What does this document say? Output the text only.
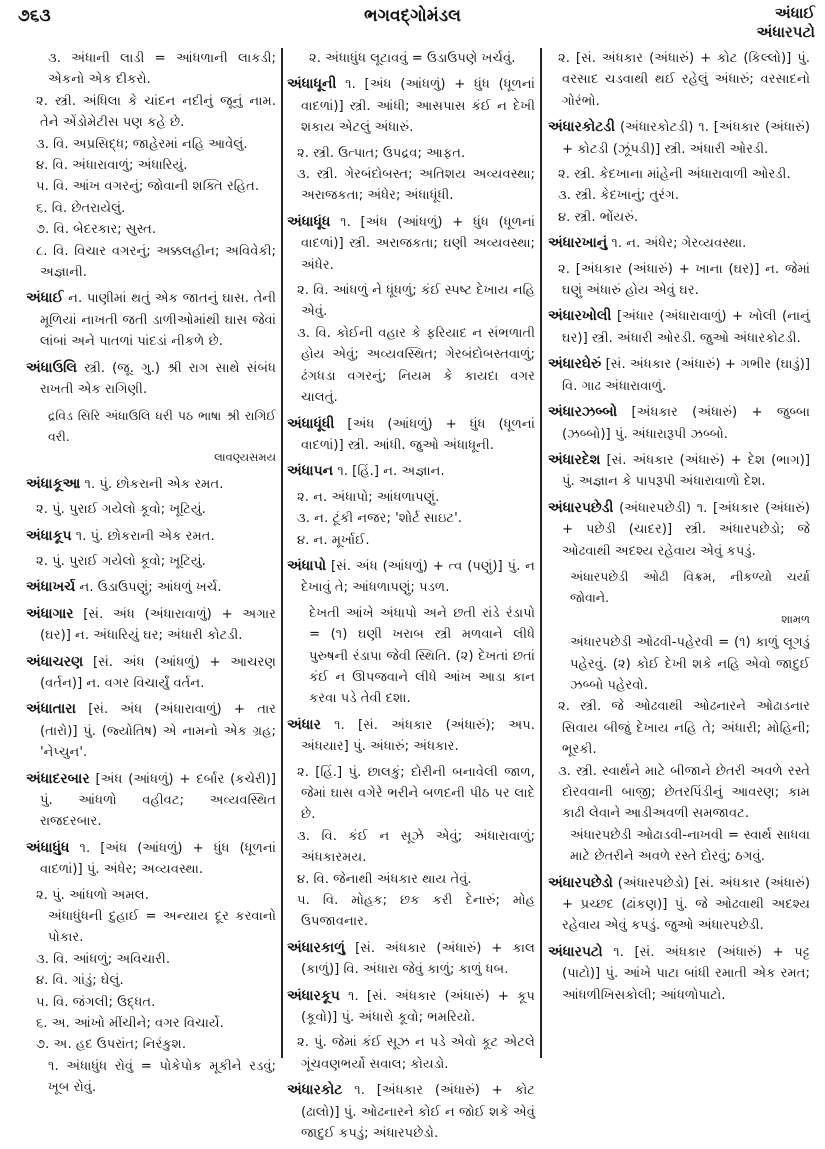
૭૬૩	ભગવદ્ગોમંડલ	અંધાઈ
અંધારપટો

૩. અંધાની લાડી = આંધળાની લાકડી; એકનો એક દીકરો.

૨. સ્ત્રી. અંધિલા કે ચાંદન નદીનું જૂનું નામ. તેને એંડોમેટીસ પણ કહે છે.

૩. વિ. અપ્રસિદ્ધ; જાહેરમાં નહિ આવેલું.

૪. વિ. અંધારાવાળું; અંધારિયું.

૫. વિ. આંખ વગરનું; જોવાની શક્તિ રહિત.

૬. વિ. છેતરાયેલું.

૭. વિ. બેદરકાર; સુસ્ત.

૮. વિ. વિચાર વગરનું; અક્કલહીન; અવિવેકી; અજ્ઞાની.

અંધાઈ ન. પાણીમાં થતું એક જાતનું ઘાસ. તેની મૂળિયાં નાખતી જતી ડાળીઓમાંથી ઘાસ જેવાં લાંબાં અને પાતળાં પાંદડાં નીકળે છે.

અંધાઉલિ સ્ત્રી. (જૂ. ગુ.) શ્રી રાગ સાથે સંબંધ રાખતી એક રાગિણી.

દ્રવિડ સિરિ અંધાઉલિ ધરી પઠ ભાષા શ્રી રાગિઈ વરી.
લાવણ્યસમય

અંધાકૂઆ ૧. પું. છોકરાની એક રમત.

૨. પું. પુરાઈ ગયેલો કૂવો; ખૂટિયું.

અંધાકૂપ ૧. પું. છોકરાની એક રમત.

૨. પું. પુરાઈ ગયેલો કૂવો; ખૂટિયું.

અંધાખર્ચ ન. ઉડાઉપણું; આંધળું ખર્ચ.

અંધાગાર [સં. અંધ (અંધારાવાળું) + અગાર (ઘર)] ન. અંધારિયું ઘર; અંધારી કોટડી.

અંધાચરણ [સં. અંધ (આંધળું) + આચરણ (વર્તન)] ન. વગર વિચાર્યું વર્તન.

અંધાતારા [સં. અંધ (અંધારાવાળું) + તાર (તારો)] પું. (જ્યોતિષ) એ નામનો એક ગ્રહ; 'નેપ્ચુન'.

અંધાદરબાર [અંધ (આંધળું) + દર્બાર (કચેરી)] પું. આંધળો વહીવટ; અવ્યવસ્થિત રાજદરબાર.

અંધાધુંધ ૧. [અંધ (આંધળું) + ધુંધ (ધૂળનાં વાદળાં)] પું. અંધેર; અવ્યવસ્થા.

૨. પું. આંધળો અમલ.

અંધાધુંધની દુહાઈ = અન્યાય દૂર કરવાનો પોકાર.

૩. વિ. આંધળું; અવિચારી.

૪. વિ. ગાંડું; ઘેલું.

૫. વિ. જંગલી; ઉદ્ધત.

૬. અ. આંખો મીંચીને; વગર વિચાર્યે.

૭. અ. હદ ઉપરાંત; નિરંકુશ.

૧. અંધાધુંધ રોવું = પોકેપોક મૂકીને રડવું; ખૂબ રોવું.

૨. અંધાધુંધ લૂટાવવું = ઉડાઉપણે ખર્ચવું.

અંધાધૂની ૧. [અંધ (આંધળું) + ધુંધ (ધૂળનાં વાદળાં)] સ્ત્રી. આંધી; આસપાસ કંઈ ન દેખી શકાય એટલું અંધારું.

૨. સ્ત્રી. ઉત્પાત; ઉપદ્રવ; આફત.

૩. સ્ત્રી. ગેરબંદોબસ્ત; અતિશય અવ્યવસ્થા; અરાજકતા; અંધેર; અંધાધૂંધી.

અંધાધૂંધ ૧. [અંધ (આંધળું) + ધુંધ (ધૂળનાં વાદળાં)] સ્ત્રી. અરાજકતા; ઘણી અવ્યવસ્થા; અંધેર.

૨. વિ. આંધળું ને ધૂંધળું; કંઈ સ્પષ્ટ દેખાય નહિ એવું.

૩. વિ. કોઈની વહાર કે ફરિયાદ ન સંભળાતી હોય એવું; અવ્યવસ્થિત; ગેરબંદોબસ્તવાળું; ઢંગધડા વગરનું; નિયમ કે કાયદા વગર ચાલતું.

અંધાધૂંધી [અંધ (આંધળું) + ધુંધ (ધૂળનાં વાદળાં)] સ્ત્રી. આંધી. જુઓ અંધાધૂની.

અંધાપન ૧. [હિં.] ન. અજ્ઞાન.

૨. ન. અંધાપો; આંધળાપણું.

૩. ન. ટૂંકી નજર; 'શોર્ટ સાઇટ'.

૪. ન. મૂર્ખાઈ.

અંધાપો [સં. અંધ (આંધળું) + ત્વ (પણું)] પું. ન દેખાવું તે; આંધળાપણું; પડળ.

દેખતી આંખે અંધાપો અને છતી રાંડે રંડાપો = (૧) ઘણી ખરાબ સ્ત્રી મળવાને લીધે પુરુષની રંડાપા જેવી સ્થિતિ. (૨) દેખતાં છતાં કંઈ ન ઊપજવાને લીધે આંખ આડા કાન કરવા પડે તેવી દશા.

અંધાર ૧. [સં. અંધકાર (અંધારું); અપ. અંધયાર] પું. અંધારું; અંધકાર.

૨. [હિં.] પું. છાલકું; દોરીની બનાવેલી જાળ, જેમાં ઘાસ વગેરે ભરીને બળદની પીઠ પર લાદે છે.

૩. વિ. કંઈ ન સૂઝે એવું; અંધારાવાળું; અંધકારમય.

૪. વિ. જેનાથી અંધકાર થાય તેવું.

૫. વિ. મોહક; છક કરી દેનારું; મોહ ઉપજાવનાર.

અંધારકાળું [સં. અંધકાર (અંધારું) + કાલ (કાળું)] વિ. અંધારા જેવું કાળું; કાળું ધબ.

અંધારકૂપ ૧. [સં. અંધકાર (અંધારું) + કૂપ (કૂવો)] પું. અંધારો કૂવો; ભમરિયો.

૨. પું. જેમાં કંઈ સૂઝ ન પડે એવો કૂટ એટલે ગૂંચવણભર્યો સવાલ; કોયડો.

અંધારકોટ ૧. [અંધકાર (અંધારું) + કોટ (ઢાલો)] પું. ઓઢનારને કોઈ ન જોઈ શકે એવું જાદુઈ કપડું; અંધારપછેડો.

૨. [સં. અંધકાર (અંધારું) + કોટ (કિલ્લો)] પું. વરસાદ ચડવાથી થઈ રહેલું અંધારું; વરસાદનો ગોરંભો.

અંધારકોટડી (અંધારકોટડી) ૧. [અંધકાર (અંધારું) + કોટડી (ઝૂંપડી)] સ્ત્રી. અંધારી ઓરડી.

૨. સ્ત્રી. કેદખાના માંહેની અંધારાવાળી ઓરડી.

૩. સ્ત્રી. કેદખાનું; તુરંગ.

૪. સ્ત્રી. ભોંયરું.

અંધારખાનું ૧. ન. અંધેર; ગેરવ્યવસ્થા.

૨. [અંધકાર (અંધારું) + ખાના (ઘર)] ન. જેમાં ઘણું અંધારું હોય એવું ઘર.

અંધારખોલી [અંધાર (અંધારાવાળું) + ખોલી (નાનું ઘર)] સ્ત્રી. અંધારી ઓરડી. જુઓ અંધારકોટડી.

અંધારઘેરું [સં. અંધકાર (અંધારું) + ગભીર (ઘાડું)] વિ. ગાઢ અંધારાવાળું.

અંધારઝબ્બો [અંધકાર (અંધારું) + જુબ્બા (ઝબ્બો)] પું. અંધારારૂપી ઝબ્બો.

અંધારદેશ [સં. અંધકાર (અંધારું) + દેશ (ભાગ)] પું. અજ્ઞાન કે પાપરૂપી અંધારાવાળો દેશ.

અંધારપછેડી (અંધારપછેડી) ૧. [અંધકાર (અંધારું) + પછેડી (ચાદર)] સ્ત્રી. અંધારપછેડો; જે ઓઢવાથી અદશ્ય રહેવાય એવું કપડું.

અંધારપછેડી ઓઢી વિક્રમ, નીકળ્યો ચર્યા જોવાને.
શામળ

અંધારપછેડી ઓઢવી-પહેરવી = (૧) કાળું લૂગડું પહેરવું. (૨) કોઈ દેખી શકે નહિ એવો જાદુઈ ઝબ્બો પહેરવો.

૨. સ્ત્રી. જે ઓઢવાથી ઓઢનારને ઓઢાડનાર સિવાય બીજું દેખાય નહિ તે; અંધારી; મોહિની; ભૂરકી.

૩. સ્ત્રી. સ્વાર્થને માટે બીજાને છેતરી અવળે રસ્તે દોરવવાની બાજી; છેતરપિંડીનું આવરણ; કામ કાઢી લેવાને આડીઅવળી સમજાવટ.

અંધારપછેડી ઓઢાડવી-નાખવી = સ્વાર્થ સાધવા માટે છેતરીને અવળે રસ્તે દોરવું; ઠગવું.

અંધારપછેડો (અંધારપછેડો) [સં. અંધકાર (અંધારું) + પ્રચ્છદ (ઢાંકણ)] પું. જે ઓઢવાથી અદશ્ય રહેવાય એવું કપડું. જુઓ અંધારપછેડી.

અંધારપટો ૧. [સં. અંધકાર (અંધારું) + પટ્ટ (પાટો)] પું. આંખે પાટા બાંધી રમાતી એક રમત; આંધળીખિસકોલી; આંધળોપાટો.
